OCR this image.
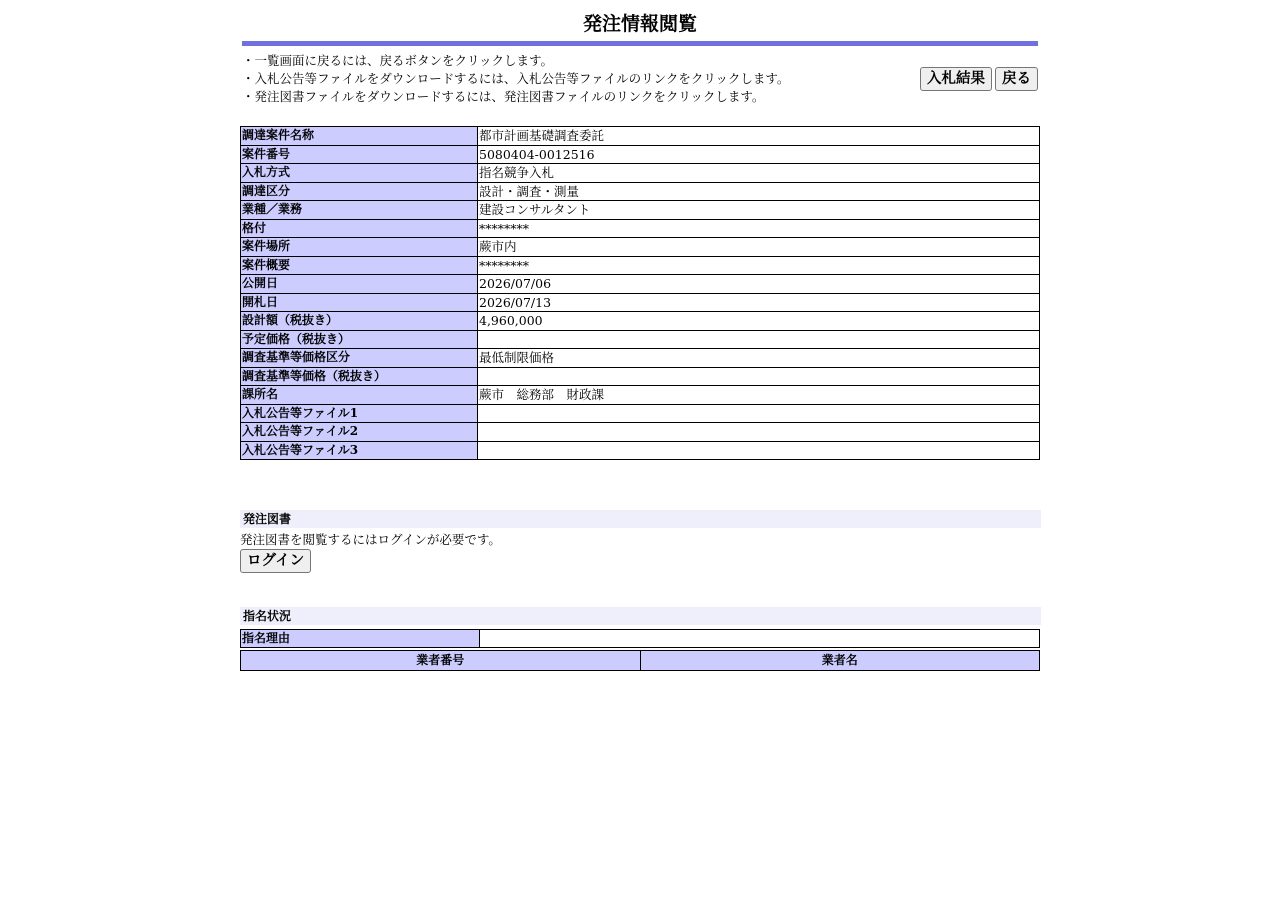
発注情報閲覧
・一覧画面に戻るには、戻るボタンをクリックします。
・入札公告等ファイルをダウンロードするには、入札公告等ファイルのリンクをクリックします。
・発注図書ファイルをダウンロードするには、発注図書ファイルのリンクをクリックします。
入札結果	戻る
調達案件名称	都市計画基礎調査委託
案件番号	5080404-0012516
入札方式	指名競争入札
調達区分	設計・調査・測量
業種／業務	建設コンサルタント
格付	********
案件場所	蕨市内
案件概要	********
公開日	2026/07/06
開札日	2026/07/13
設計額（税抜き）	4,960,000
予定価格（税抜き）	
調査基準等価格区分	最低制限価格
調査基準等価格（税抜き）	
課所名	蕨市　総務部　財政課
入札公告等ファイル1	
入札公告等ファイル2	
入札公告等ファイル3	
発注図書
発注図書を閲覧するにはログインが必要です。
ログイン
指名状況
指名理由	
業者番号	業者名
